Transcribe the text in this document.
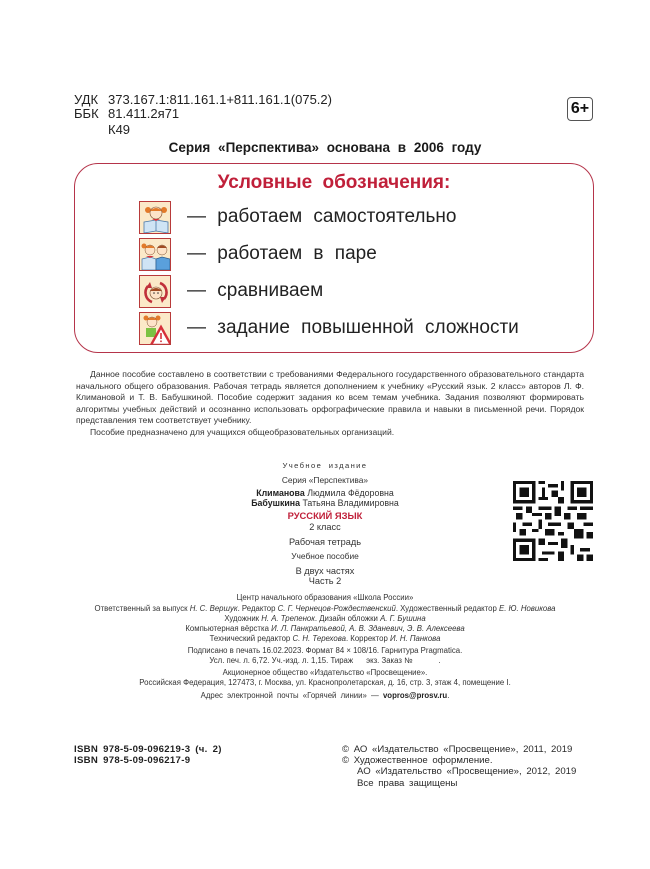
УДК 373.167.1:811.161.1+811.161.1(075.2)
ББК 81.411.2я71
К49
6+
Серия «Перспектива» основана в 2006 году
Условные обозначения:
— работаем самостоятельно
— работаем в паре
— сравниваем
— задание повышенной сложности

Данное пособие составлено в соответствии с требованиями Федерального государственного образовательного стандарта начального общего образования. Рабочая тетрадь является дополнением к учебнику «Русский язык. 2 класс» авторов Л. Ф. Климановой и Т. В. Бабушкиной. Пособие содержит задания ко всем темам учебника. Задания позволяют формировать алгоритмы учебных действий и осознанно использовать орфографические правила и навыки в письменной речи. Порядок представления тем соответствует учебнику.

Пособие предназначено для учащихся общеобразовательных организаций.

Учебное издание
Серия «Перспектива»
Климанова Людмила Фёдоровна
Бабушкина Татьяна Владимировна
РУССКИЙ ЯЗЫК
2 класс
Рабочая тетрадь
Учебное пособие
В двух частях
Часть 2
Центр начального образования «Школа России»
Ответственный за выпуск Н. С. Вершук. Редактор С. Г. Чернецов-Рождественский. Художественный редактор Е. Ю. Новикова
Художник Н. А. Трепенок. Дизайн обложки А. Г. Бушина
Компьютерная вёрстка И. Л. Панкратьевой, А. В. Зданевич, Э. В. Алексеева
Технический редактор С. Н. Терехова. Корректор И. Н. Панкова
Подписано в печать 16.02.2023. Формат 84 × 108/16. Гарнитура Pragmatica.
Усл. печ. л. 6,72. Уч.-изд. л. 1,15. Тираж      экз. Заказ №            .
Акционерное общество «Издательство «Просвещение».
Российская Федерация, 127473, г. Москва, ул. Краснопролетарская, д. 16, стр. 3, этаж 4, помещение I.
Адрес электронной почты «Горячей линии» — vopros@prosv.ru.
ISBN 978-5-09-096219-3 (ч. 2)
ISBN 978-5-09-096217-9
© АО «Издательство «Просвещение», 2011, 2019
© Художественное оформление.
АО «Издательство «Просвещение», 2012, 2019
Все права защищены
